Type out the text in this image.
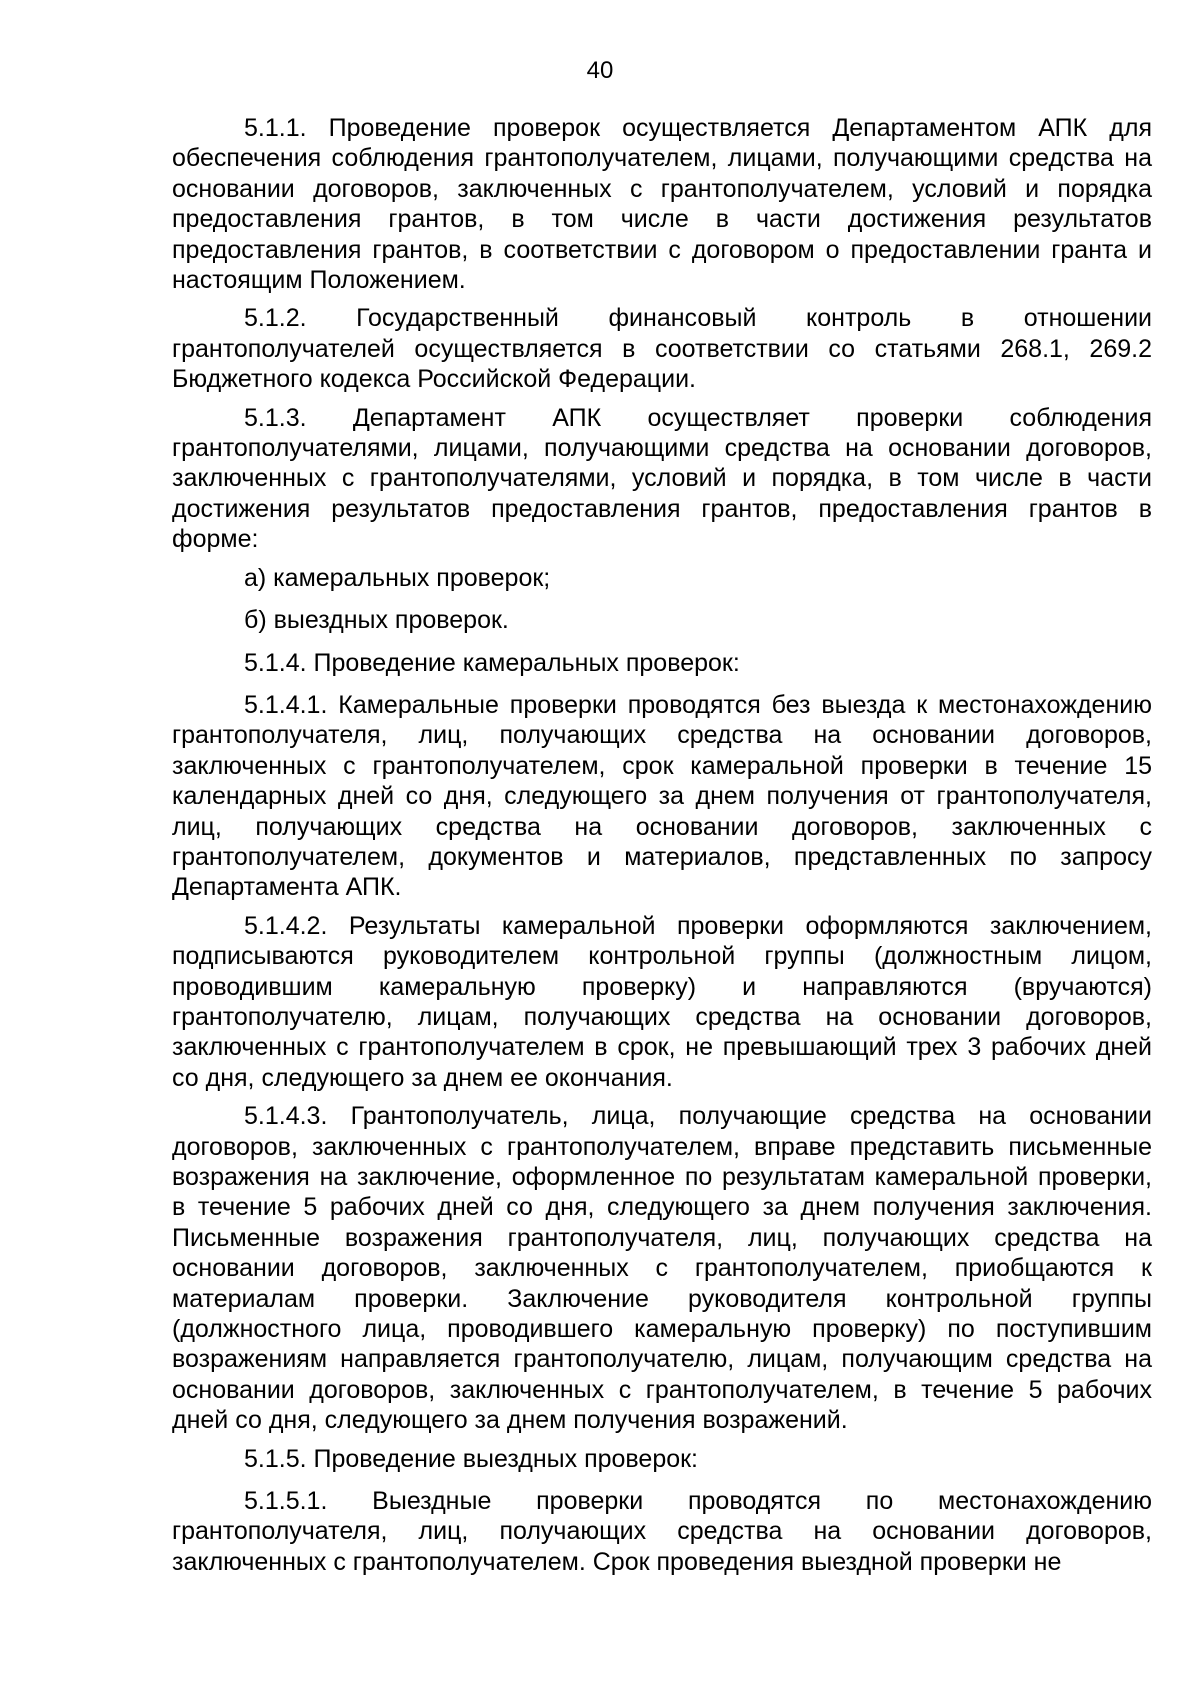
40

5.1.1. Проведение проверок осуществляется Департаментом АПК для обеспечения соблюдения грантополучателем, лицами, получающими средства на основании договоров, заключенных с грантополучателем, условий и порядка предоставления грантов, в том числе в части достижения результатов предоставления грантов, в соответствии с договором о предоставлении гранта и настоящим Положением.

5.1.2. Государственный финансовый контроль в отношении грантополучателей осуществляется в соответствии со статьями 268.1, 269.2 Бюджетного кодекса Российской Федерации.

5.1.3. Департамент АПК осуществляет проверки соблюдения грантополучателями, лицами, получающими средства на основании договоров, заключенных с грантополучателями, условий и порядка, в том числе в части достижения результатов предоставления грантов, предоставления грантов в форме:

а) камеральных проверок;

б) выездных проверок.

5.1.4. Проведение камеральных проверок:

5.1.4.1. Камеральные проверки проводятся без выезда к местонахождению грантополучателя, лиц, получающих средства на основании договоров, заключенных с грантополучателем, срок камеральной проверки в течение 15 календарных дней со дня, следующего за днем получения от грантополучателя, лиц, получающих средства на основании договоров, заключенных с грантополучателем, документов и материалов, представленных по запросу Департамента АПК.

5.1.4.2. Результаты камеральной проверки оформляются заключением, подписываются руководителем контрольной группы (должностным лицом, проводившим камеральную проверку) и направляются (вручаются) грантополучателю, лицам, получающих средства на основании договоров, заключенных с грантополучателем в срок, не превышающий трех 3 рабочих дней со дня, следующего за днем ее окончания.

5.1.4.3. Грантополучатель, лица, получающие средства на основании договоров, заключенных с грантополучателем, вправе представить письменные возражения на заключение, оформленное по результатам камеральной проверки, в течение 5 рабочих дней со дня, следующего за днем получения заключения. Письменные возражения грантополучателя, лиц, получающих средства на основании договоров, заключенных с грантополучателем, приобщаются к материалам проверки. Заключение руководителя контрольной группы (должностного лица, проводившего камеральную проверку) по поступившим возражениям направляется грантополучателю, лицам, получающим средства на основании договоров, заключенных с грантополучателем, в течение 5 рабочих дней со дня, следующего за днем получения возражений.

5.1.5. Проведение выездных проверок:

5.1.5.1. Выездные проверки проводятся по местонахождению грантополучателя, лиц, получающих средства на основании договоров, заключенных с грантополучателем. Срок проведения выездной проверки не
